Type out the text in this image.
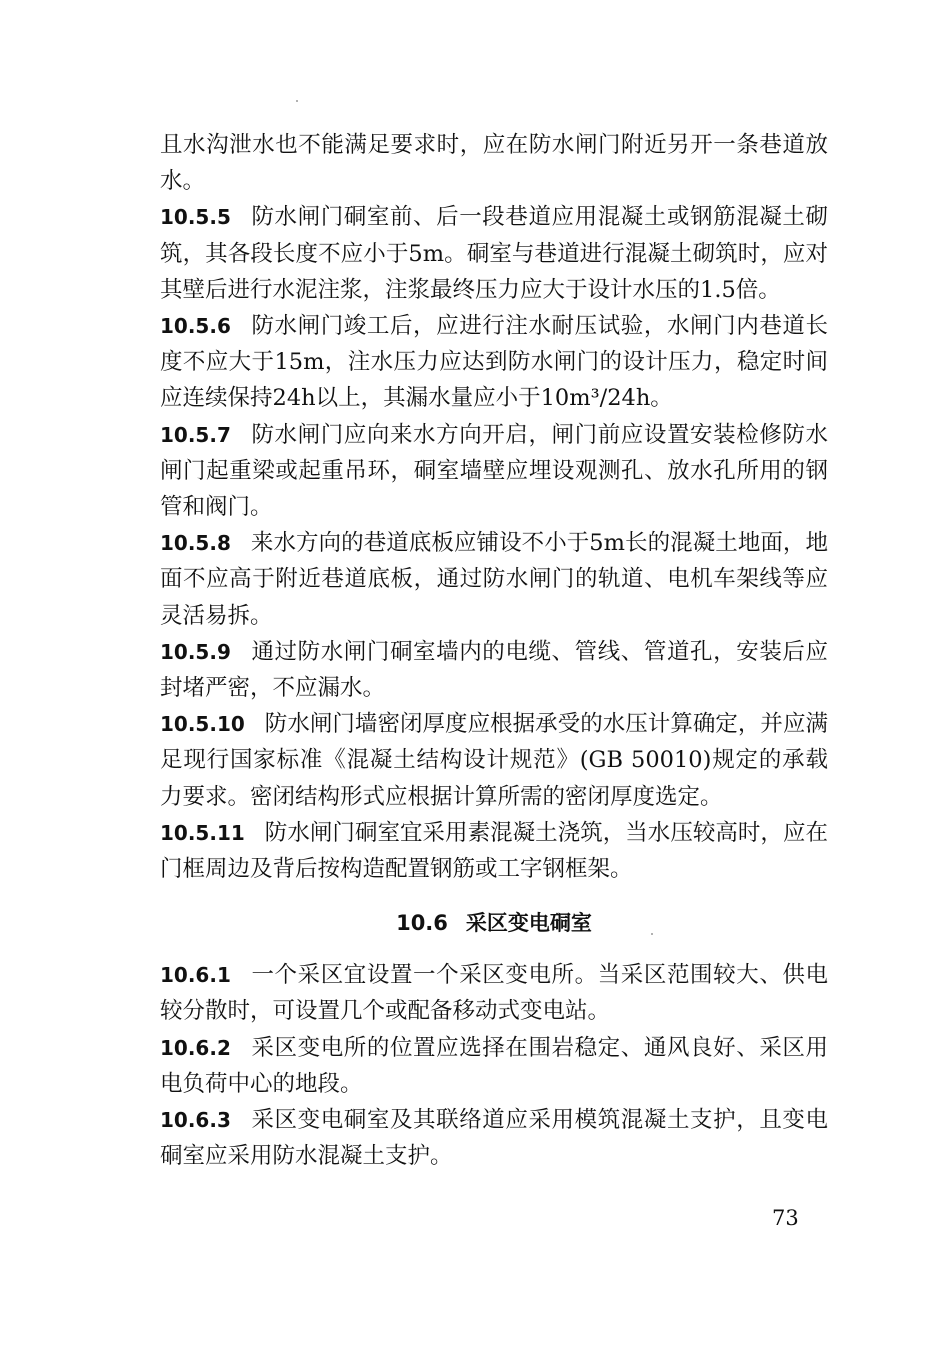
且水沟泄水也不能满足要求时，应在防水闸门附近另开一条巷道放水。

10.5.5 防水闸门硐室前、后一段巷道应用混凝土或钢筋混凝土砌筑，其各段长度不应小于5m。硐室与巷道进行混凝土砌筑时，应对其壁后进行水泥注浆，注浆最终压力应大于设计水压的1.5倍。

10.5.6 防水闸门竣工后，应进行注水耐压试验，水闸门内巷道长度不应大于15m，注水压力应达到防水闸门的设计压力，稳定时间应连续保持24h以上，其漏水量应小于10m³/24h。

10.5.7 防水闸门应向来水方向开启，闸门前应设置安装检修防水闸门起重梁或起重吊环，硐室墙壁应埋设观测孔、放水孔所用的钢管和阀门。

10.5.8 来水方向的巷道底板应铺设不小于5m长的混凝土地面，地面不应高于附近巷道底板，通过防水闸门的轨道、电机车架线等应灵活易拆。

10.5.9 通过防水闸门硐室墙内的电缆、管线、管道孔，安装后应封堵严密，不应漏水。

10.5.10 防水闸门墙密闭厚度应根据承受的水压计算确定，并应满足现行国家标准《混凝土结构设计规范》(GB 50010)规定的承载力要求。密闭结构形式应根据计算所需的密闭厚度选定。

10.5.11 防水闸门硐室宜采用素混凝土浇筑，当水压较高时，应在门框周边及背后按构造配置钢筋或工字钢框架。

10.6 采区变电硐室

10.6.1 一个采区宜设置一个采区变电所。当采区范围较大、供电较分散时，可设置几个或配备移动式变电站。

10.6.2 采区变电所的位置应选择在围岩稳定、通风良好、采区用电负荷中心的地段。

10.6.3 采区变电硐室及其联络道应采用模筑混凝土支护，且变电硐室应采用防水混凝土支护。

73
